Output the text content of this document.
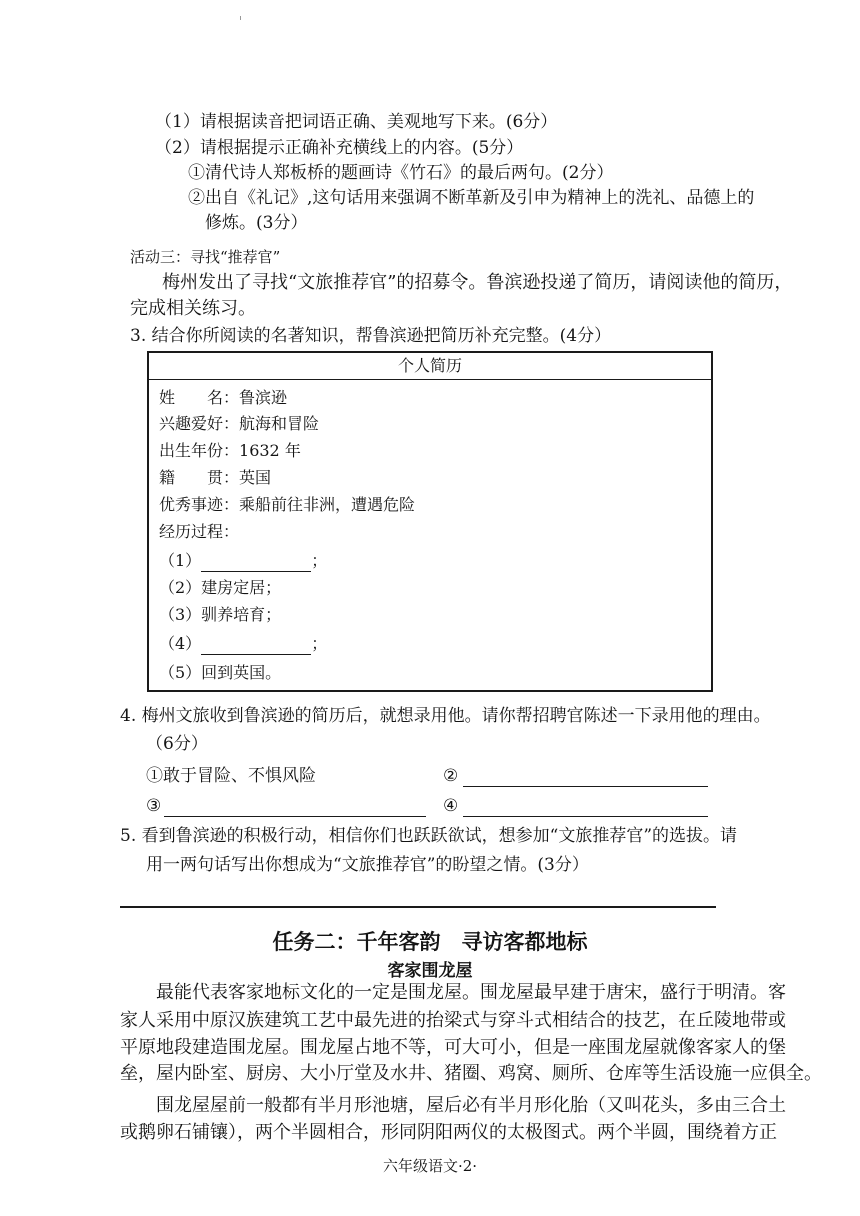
（1）请根据读音把词语正确、美观地写下来。(6分）
（2）请根据提示正确补充横线上的内容。(5分）
①清代诗人郑板桥的题画诗《竹石》的最后两句。(2分）
②出自《礼记》,这句话用来强调不断革新及引申为精神上的洗礼、品德上的
修炼。(3分）
活动三：寻找“推荐官”
梅州发出了寻找“文旅推荐官”的招募令。鲁滨逊投递了简历，请阅读他的简历，
完成相关练习。
3. 结合你所阅读的名著知识，帮鲁滨逊把简历补充完整。(4分）
个人简历
姓　　名：鲁滨逊
兴趣爱好：航海和冒险
出生年份：1632 年
籍　　贯：英国
优秀事迹：乘船前往非洲，遭遇危险
经历过程：
（1）	；
（2）建房定居；
（3）驯养培育；
（4）	；
（5）回到英国。
4. 梅州文旅收到鲁滨逊的简历后，就想录用他。请你帮招聘官陈述一下录用他的理由。
（6分）
①敢于冒险、不惧风险	②
③	④
5. 看到鲁滨逊的积极行动，相信你们也跃跃欲试，想参加“文旅推荐官”的选拔。请
用一两句话写出你想成为“文旅推荐官”的盼望之情。(3分）
任务二：千年客韵　寻访客都地标
客家围龙屋
　　最能代表客家地标文化的一定是围龙屋。围龙屋最早建于唐宋，盛行于明清。客
家人采用中原汉族建筑工艺中最先进的抬梁式与穿斗式相结合的技艺，在丘陵地带或
平原地段建造围龙屋。围龙屋占地不等，可大可小，但是一座围龙屋就像客家人的堡
垒，屋内卧室、厨房、大小厅堂及水井、猪圈、鸡窝、厕所、仓库等生活设施一应俱全。
　　围龙屋屋前一般都有半月形池塘，屋后必有半月形化胎（又叫花头，多由三合土
或鹅卵石铺镶），两个半圆相合，形同阴阳两仪的太极图式。两个半圆，围绕着方正
六年级语文·2·
